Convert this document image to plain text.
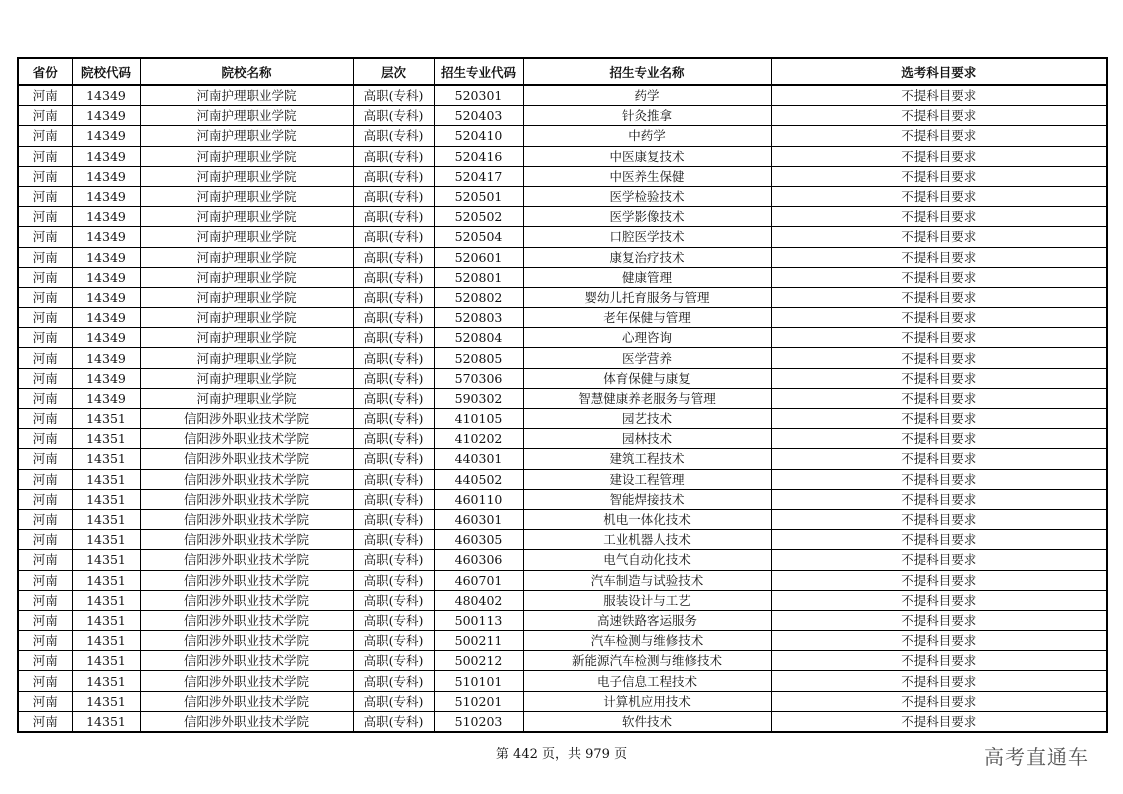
省份	院校代码	院校名称	层次	招生专业代码	招生专业名称	选考科目要求
河南	14349	河南护理职业学院	高职(专科)	520301	药学	不提科目要求
河南	14349	河南护理职业学院	高职(专科)	520403	针灸推拿	不提科目要求
河南	14349	河南护理职业学院	高职(专科)	520410	中药学	不提科目要求
河南	14349	河南护理职业学院	高职(专科)	520416	中医康复技术	不提科目要求
河南	14349	河南护理职业学院	高职(专科)	520417	中医养生保健	不提科目要求
河南	14349	河南护理职业学院	高职(专科)	520501	医学检验技术	不提科目要求
河南	14349	河南护理职业学院	高职(专科)	520502	医学影像技术	不提科目要求
河南	14349	河南护理职业学院	高职(专科)	520504	口腔医学技术	不提科目要求
河南	14349	河南护理职业学院	高职(专科)	520601	康复治疗技术	不提科目要求
河南	14349	河南护理职业学院	高职(专科)	520801	健康管理	不提科目要求
河南	14349	河南护理职业学院	高职(专科)	520802	婴幼儿托育服务与管理	不提科目要求
河南	14349	河南护理职业学院	高职(专科)	520803	老年保健与管理	不提科目要求
河南	14349	河南护理职业学院	高职(专科)	520804	心理咨询	不提科目要求
河南	14349	河南护理职业学院	高职(专科)	520805	医学营养	不提科目要求
河南	14349	河南护理职业学院	高职(专科)	570306	体育保健与康复	不提科目要求
河南	14349	河南护理职业学院	高职(专科)	590302	智慧健康养老服务与管理	不提科目要求
河南	14351	信阳涉外职业技术学院	高职(专科)	410105	园艺技术	不提科目要求
河南	14351	信阳涉外职业技术学院	高职(专科)	410202	园林技术	不提科目要求
河南	14351	信阳涉外职业技术学院	高职(专科)	440301	建筑工程技术	不提科目要求
河南	14351	信阳涉外职业技术学院	高职(专科)	440502	建设工程管理	不提科目要求
河南	14351	信阳涉外职业技术学院	高职(专科)	460110	智能焊接技术	不提科目要求
河南	14351	信阳涉外职业技术学院	高职(专科)	460301	机电一体化技术	不提科目要求
河南	14351	信阳涉外职业技术学院	高职(专科)	460305	工业机器人技术	不提科目要求
河南	14351	信阳涉外职业技术学院	高职(专科)	460306	电气自动化技术	不提科目要求
河南	14351	信阳涉外职业技术学院	高职(专科)	460701	汽车制造与试验技术	不提科目要求
河南	14351	信阳涉外职业技术学院	高职(专科)	480402	服装设计与工艺	不提科目要求
河南	14351	信阳涉外职业技术学院	高职(专科)	500113	高速铁路客运服务	不提科目要求
河南	14351	信阳涉外职业技术学院	高职(专科)	500211	汽车检测与维修技术	不提科目要求
河南	14351	信阳涉外职业技术学院	高职(专科)	500212	新能源汽车检测与维修技术	不提科目要求
河南	14351	信阳涉外职业技术学院	高职(专科)	510101	电子信息工程技术	不提科目要求
河南	14351	信阳涉外职业技术学院	高职(专科)	510201	计算机应用技术	不提科目要求
河南	14351	信阳涉外职业技术学院	高职(专科)	510203	软件技术	不提科目要求
第 442 页，共 979 页	高考直通车
